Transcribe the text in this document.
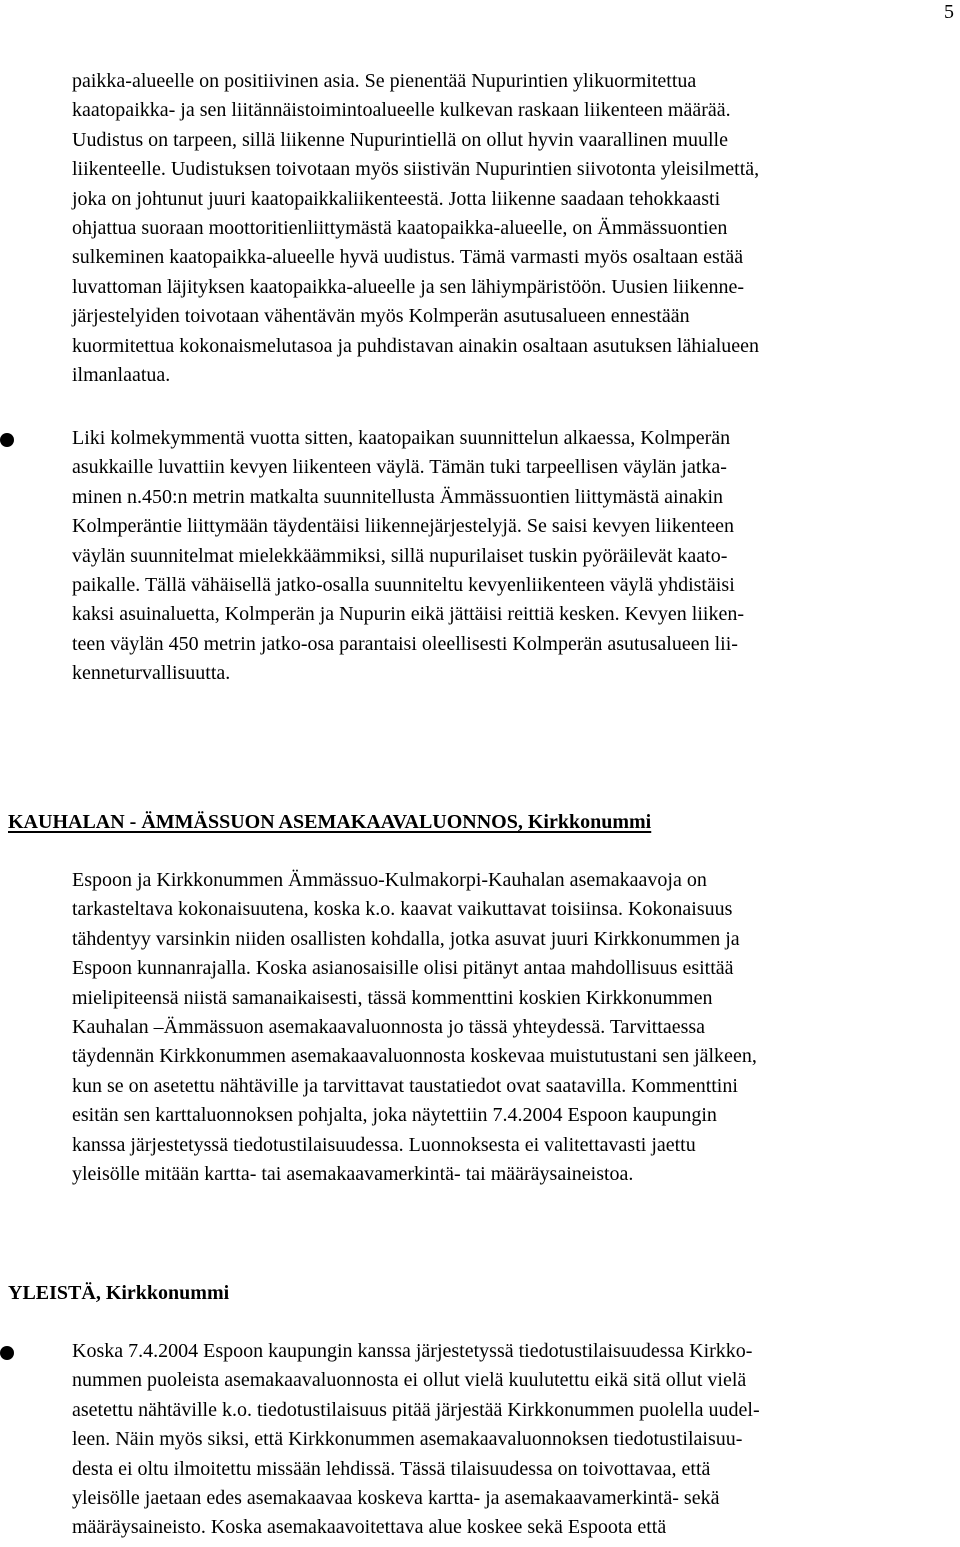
5
paikka-alueelle on positiivinen asia. Se pienentää Nupurintien ylikuormitettua
kaatopaikka- ja sen liitännäistoimintoalueelle kulkevan raskaan liikenteen määrää.
Uudistus on tarpeen, sillä liikenne Nupurintiellä on ollut hyvin vaarallinen muulle
liikenteelle. Uudistuksen toivotaan myös siistivän Nupurintien siivotonta yleisilmettä,
joka on johtunut juuri kaatopaikkaliikenteestä. Jotta liikenne saadaan tehokkaasti
ohjattua suoraan moottoritienliittymästä kaatopaikka-alueelle, on Ämmässuontien
sulkeminen kaatopaikka-alueelle hyvä uudistus. Tämä varmasti myös osaltaan estää
luvattoman läjityksen kaatopaikka-alueelle ja sen lähiympäristöön. Uusien liikenne-
järjestelyiden toivotaan vähentävän myös Kolmperän asutusalueen ennestään
kuormitettua kokonaismelutasoa ja puhdistavan ainakin osaltaan asutuksen lähialueen
ilmanlaatua.
Liki kolmekymmentä vuotta sitten, kaatopaikan suunnittelun alkaessa, Kolmperän
asukkaille luvattiin kevyen liikenteen väylä. Tämän tuki tarpeellisen väylän jatka-
minen n.450:n metrin matkalta suunnitellusta Ämmässuontien liittymästä ainakin
Kolmperäntie liittymään täydentäisi liikennejärjestelyjä. Se saisi kevyen liikenteen
väylän suunnitelmat mielekkäämmiksi, sillä nupurilaiset tuskin pyöräilevät kaato-
paikalle. Tällä vähäisellä jatko-osalla suunniteltu kevyenliikenteen väylä yhdistäisi
kaksi asuinaluetta, Kolmperän ja Nupurin eikä jättäisi reittiä kesken. Kevyen liiken-
teen väylän 450 metrin jatko-osa parantaisi oleellisesti Kolmperän asutusalueen lii-
kenneturvallisuutta.
KAUHALAN - ÄMMÄSSUON ASEMAKAAVALUONNOS, Kirkkonummi
Espoon ja Kirkkonummen Ämmässuo-Kulmakorpi-Kauhalan asemakaavoja on
tarkasteltava kokonaisuutena, koska k.o. kaavat vaikuttavat toisiinsa. Kokonaisuus
tähdentyy varsinkin niiden osallisten kohdalla, jotka asuvat juuri Kirkkonummen ja
Espoon kunnanrajalla. Koska asianosaisille olisi pitänyt antaa mahdollisuus esittää
mielipiteensä niistä samanaikaisesti, tässä kommenttini koskien Kirkkonummen
Kauhalan –Ämmässuon asemakaavaluonnosta jo tässä yhteydessä. Tarvittaessa
täydennän Kirkkonummen asemakaavaluonnosta koskevaa muistutustani sen jälkeen,
kun se on asetettu nähtäville ja tarvittavat taustatiedot ovat saatavilla. Kommenttini
esitän sen karttaluonnoksen pohjalta, joka näytettiin 7.4.2004 Espoon kaupungin
kanssa järjestetyssä tiedotustilaisuudessa. Luonnoksesta ei valitettavasti jaettu
yleisölle mitään kartta- tai asemakaavamerkintä- tai määräysaineistoa.
YLEISTÄ, Kirkkonummi
Koska 7.4.2004 Espoon kaupungin kanssa järjestetyssä tiedotustilaisuudessa Kirkko-
nummen puoleista asemakaavaluonnosta ei ollut vielä kuulutettu eikä sitä ollut vielä
asetettu nähtäville k.o. tiedotustilaisuus pitää järjestää Kirkkonummen puolella uudel-
leen. Näin myös siksi, että Kirkkonummen asemakaavaluonnoksen tiedotustilaisuu-
desta ei oltu ilmoitettu missään lehdissä. Tässä tilaisuudessa on toivottavaa, että
yleisölle jaetaan edes asemakaavaa koskeva kartta- ja asemakaavamerkintä- sekä
määräysaineisto. Koska asemakaavoitettava alue koskee sekä Espoota että
